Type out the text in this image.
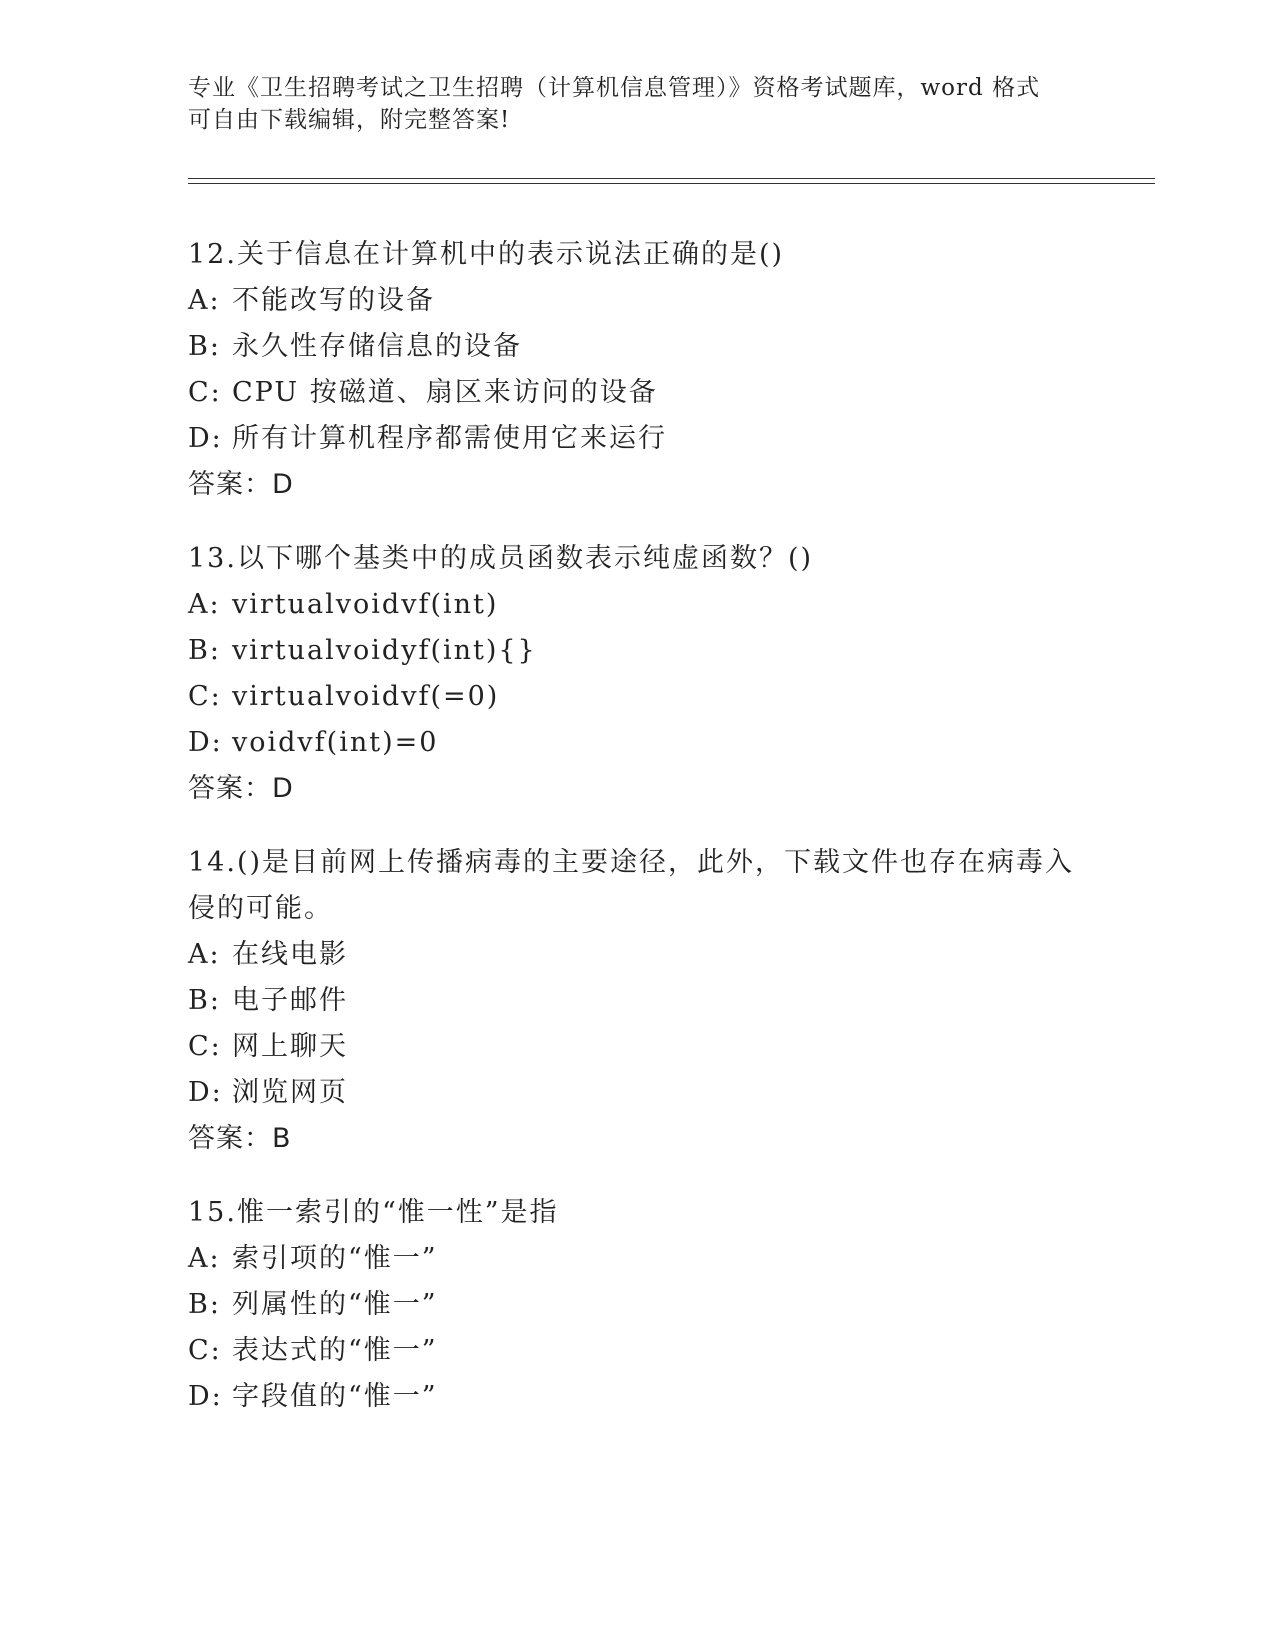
专业《卫生招聘考试之卫生招聘（计算机信息管理）》资格考试题库，word 格式
可自由下载编辑，附完整答案!
12.关于信息在计算机中的表示说法正确的是()
A: 不能改写的设备
B: 永久性存储信息的设备
C: CPU 按磁道、扇区来访问的设备
D: 所有计算机程序都需使用它来运行
答案：D
13.以下哪个基类中的成员函数表示纯虚函数？()
A: virtualvoidvf(int)
B: virtualvoidyf(int){}
C: virtualvoidvf(=0)
D: voidvf(int)=0
答案：D
14.()是目前网上传播病毒的主要途径，此外，下载文件也存在病毒入侵的可能。
A: 在线电影
B: 电子邮件
C: 网上聊天
D: 浏览网页
答案：B
15.惟一索引的“惟一性”是指
A: 索引项的“惟一”
B: 列属性的“惟一”
C: 表达式的“惟一”
D: 字段值的“惟一”
